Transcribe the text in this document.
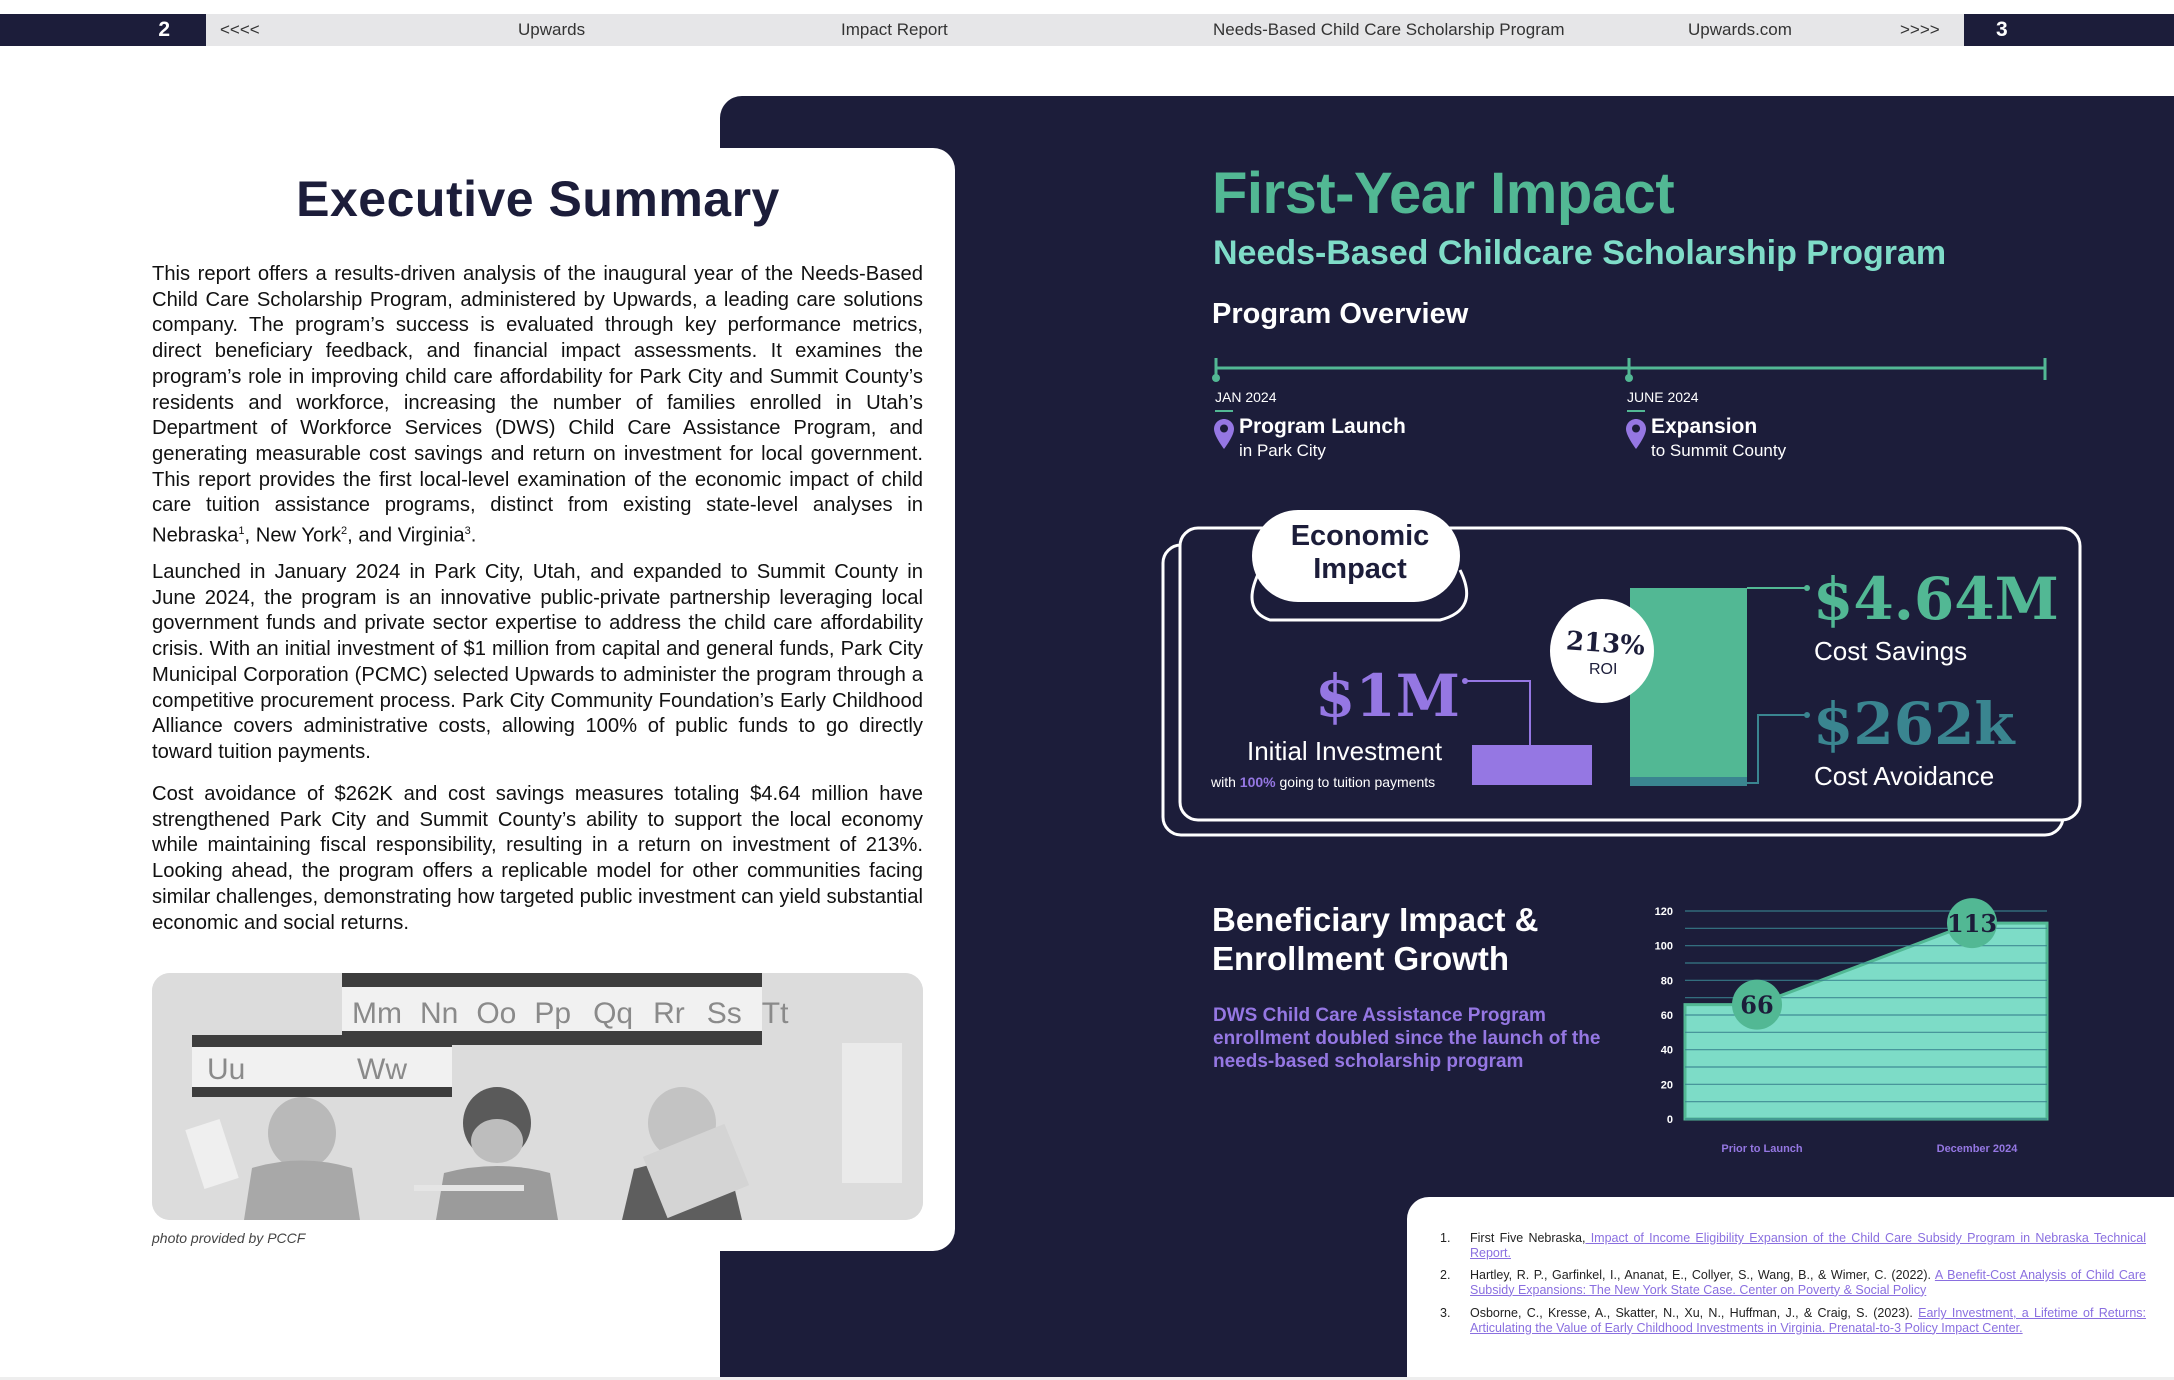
2	<<<<	Upwards	Impact Report	Needs-Based Child Care Scholarship Program	Upwards.com	>>>>	3
Executive Summary
This report offers a results-driven analysis of the inaugural year of the Needs-Based Child Care Scholarship Program, administered by Upwards, a leading care solutions company. The program’s success is evaluated through key performance metrics, direct beneficiary feedback, and financial impact assessments. It examines the program’s role in improving child care affordability for Park City and Summit County’s residents and workforce, increasing the number of families enrolled in Utah’s Department of Workforce Services (DWS) Child Care Assistance Program, and generating measurable cost savings and return on investment for local government. This report provides the first local-level examination of the economic impact of child care tuition assistance programs, distinct from existing state-level analyses in Nebraska$^1$, New York$^2$, and Virginia$^3$.
Launched in January 2024 in Park City, Utah, and expanded to Summit County in June 2024, the program is an innovative public-private partnership leveraging local government funds and private sector expertise to address the child care affordability crisis. With an initial investment of $1 million from capital and general funds, Park City Municipal Corporation (PCMC) selected Upwards to administer the program through a competitive procurement process. Park City Community Foundation’s Early Childhood Alliance covers administrative costs, allowing 100% of public funds to go directly toward tuition payments.
Cost avoidance of $262K and cost savings measures totaling $4.64 million have strengthened Park City and Summit County’s ability to support the local economy while maintaining fiscal responsibility, resulting in a return on investment of 213%. Looking ahead, the program offers a replicable model for other communities facing similar challenges, demonstrating how targeted public investment can yield substantial economic and social returns.
Mm Nn Oo Pp Qq Rr Ss Tt
Uu	Ww
photo provided by PCCF
First-Year Impact
Needs-Based Childcare Scholarship Program
Program Overview
JAN 2024
Program Launch
in Park City
JUNE 2024
Expansion
to Summit County
Economic
Impact
$1M
Initial Investment
with 100% going to tuition payments
213%
ROI
$4.64M
Cost Savings
$262k
Cost Avoidance
Beneficiary Impact &
Enrollment Growth
DWS Child Care Assistance Program enrollment doubled since the launch of the needs-based scholarship program
0
20
40
60
80
100
120
66
113
Prior to Launch	December 2024
1. First Five Nebraska, Impact of Income Eligibility Expansion of the Child Care Subsidy Program in Nebraska Technical Report.
2. Hartley, R. P., Garfinkel, I., Ananat, E., Collyer, S., Wang, B., & Wimer, C. (2022). A Benefit-Cost Analysis of Child Care Subsidy Expansions: The New York State Case. Center on Poverty & Social Policy
3. Osborne, C., Kresse, A., Skatter, N., Xu, N., Huffman, J., & Craig, S. (2023). Early Investment, a Lifetime of Returns: Articulating the Value of Early Childhood Investments in Virginia. Prenatal-to-3 Policy Impact Center.
